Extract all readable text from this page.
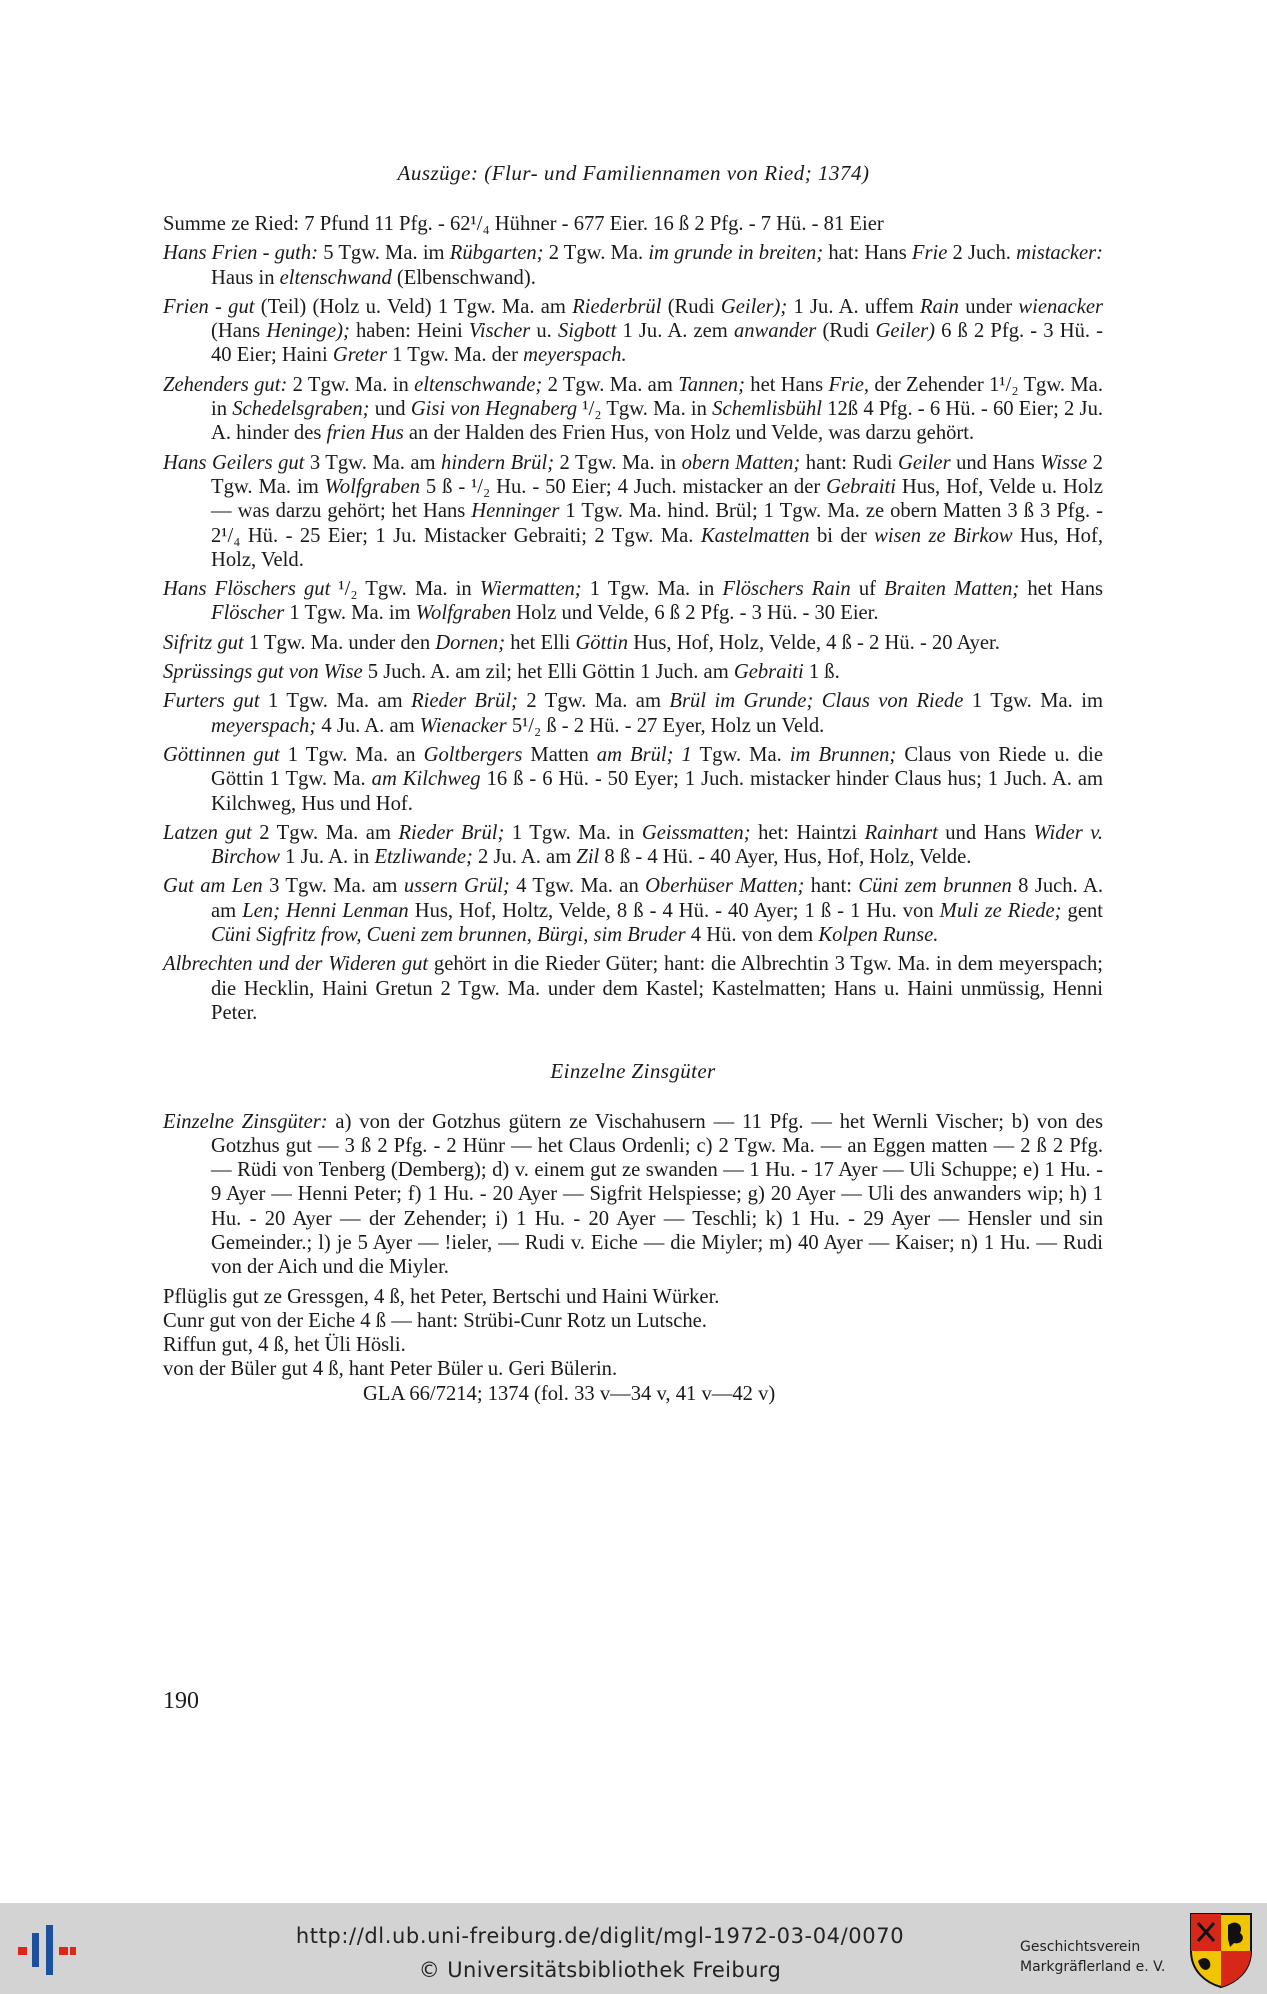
Auszüge: (Flur- und Familiennamen von Ried; 1374)

Summe ze Ried: 7 Pfund 11 Pfg. - 62¹/₄ Hühner - 677 Eier. 16 ß 2 Pfg. - 7 Hü. - 81 Eier

Hans Frien - guth: 5 Tgw. Ma. im Rübgarten; 2 Tgw. Ma. im grunde in breiten; hat: Hans Frie 2 Juch. mistacker: Haus in eltenschwand (Elbenschwand).

Frien - gut (Teil) (Holz u. Veld) 1 Tgw. Ma. am Riederbrül (Rudi Geiler); 1 Ju. A. uffem Rain under wienacker (Hans Heninge); haben: Heini Vischer u. Sigbott 1 Ju. A. zem anwander (Rudi Geiler) 6 ß 2 Pfg. - 3 Hü. - 40 Eier; Haini Greter 1 Tgw. Ma. der meyerspach.

Zehenders gut: 2 Tgw. Ma. in eltenschwande; 2 Tgw. Ma. am Tannen; het Hans Frie, der Zehender 1¹/₂ Tgw. Ma. in Schedelsgraben; und Gisi von Hegnaberg ¹/₂ Tgw. Ma. in Schemlisbühl 12ß 4 Pfg. - 6 Hü. - 60 Eier; 2 Ju. A. hinder des frien Hus an der Halden des Frien Hus, von Holz und Velde, was darzu gehört.

Hans Geilers gut 3 Tgw. Ma. am hindern Brül; 2 Tgw. Ma. in obern Matten; hant: Rudi Geiler und Hans Wisse 2 Tgw. Ma. im Wolfgraben 5 ß - ¹/₂ Hu. - 50 Eier; 4 Juch. mistacker an der Gebraiti Hus, Hof, Velde u. Holz — was darzu gehört; het Hans Henninger 1 Tgw. Ma. hind. Brül; 1 Tgw. Ma. ze obern Matten 3 ß 3 Pfg. - 2¹/₄ Hü. - 25 Eier; 1 Ju. Mistacker Gebraiti; 2 Tgw. Ma. Kastelmatten bi der wisen ze Birkow Hus, Hof, Holz, Veld.

Hans Flöschers gut ¹/₂ Tgw. Ma. in Wiermatten; 1 Tgw. Ma. in Flöschers Rain uf Braiten Matten; het Hans Flöscher 1 Tgw. Ma. im Wolfgraben Holz und Velde, 6 ß 2 Pfg. - 3 Hü. - 30 Eier.

Sifritz gut 1 Tgw. Ma. under den Dornen; het Elli Göttin Hus, Hof, Holz, Velde, 4 ß - 2 Hü. - 20 Ayer.

Sprüssings gut von Wise 5 Juch. A. am zil; het Elli Göttin 1 Juch. am Gebraiti 1 ß.

Furters gut 1 Tgw. Ma. am Rieder Brül; 2 Tgw. Ma. am Brül im Grunde; Claus von Riede 1 Tgw. Ma. im meyerspach; 4 Ju. A. am Wienacker 5¹/₂ ß - 2 Hü. - 27 Eyer, Holz un Veld.

Göttinnen gut 1 Tgw. Ma. an Goltbergers Matten am Brül; 1 Tgw. Ma. im Brunnen; Claus von Riede u. die Göttin 1 Tgw. Ma. am Kilchweg 16 ß - 6 Hü. - 50 Eyer; 1 Juch. mistacker hinder Claus hus; 1 Juch. A. am Kilchweg, Hus und Hof.

Latzen gut 2 Tgw. Ma. am Rieder Brül; 1 Tgw. Ma. in Geissmatten; het: Haintzi Rainhart und Hans Wider v. Birchow 1 Ju. A. in Etzliwande; 2 Ju. A. am Zil 8 ß - 4 Hü. - 40 Ayer, Hus, Hof, Holz, Velde.

Gut am Len 3 Tgw. Ma. am ussern Grül; 4 Tgw. Ma. an Oberhüser Matten; hant: Cüni zem brunnen 8 Juch. A. am Len; Henni Lenman Hus, Hof, Holtz, Velde, 8 ß - 4 Hü. - 40 Ayer; 1 ß - 1 Hu. von Muli ze Riede; gent Cüni Sigfritz frow, Cueni zem brunnen, Bürgi, sim Bruder 4 Hü. von dem Kolpen Runse.

Albrechten und der Wideren gut gehört in die Rieder Güter; hant: die Albrechtin 3 Tgw. Ma. in dem meyerspach; die Hecklin, Haini Gretun 2 Tgw. Ma. under dem Kastel; Kastelmatten; Hans u. Haini unmüssig, Henni Peter.

Einzelne Zinsgüter

Einzelne Zinsgüter: a) von der Gotzhus gütern ze Vischahusern — 11 Pfg. — het Wernli Vischer; b) von des Gotzhus gut — 3 ß 2 Pfg. - 2 Hünr — het Claus Ordenli; c) 2 Tgw. Ma. — an Eggen matten — 2 ß 2 Pfg. — Rüdi von Tenberg (Demberg); d) v. einem gut ze swanden — 1 Hu. - 17 Ayer — Uli Schuppe; e) 1 Hu. - 9 Ayer — Henni Peter; f) 1 Hu. - 20 Ayer — Sigfrit Helspiesse; g) 20 Ayer — Uli des anwanders wip; h) 1 Hu. - 20 Ayer — der Zehender; i) 1 Hu. - 20 Ayer — Teschli; k) 1 Hu. - 29 Ayer — Hensler und sin Gemeinder.; l) je 5 Ayer — !ieler, — Rudi v. Eiche — die Miyler; m) 40 Ayer — Kaiser; n) 1 Hu. — Rudi von der Aich und die Miyler.

Pflüglis gut ze Gressgen, 4 ß, het Peter, Bertschi und Haini Würker.

Cunr gut von der Eiche 4 ß — hant: Strübi-Cunr Rotz un Lutsche.

Riffun gut, 4 ß, het Üli Hösli.

von der Büler gut 4 ß, hant Peter Büler u. Geri Bülerin.

GLA 66/7214; 1374 (fol. 33 v—34 v, 41 v—42 v)

190
http://dl.ub.uni-freiburg.de/diglit/mgl-1972-03-04/0070
© Universitätsbibliothek Freiburg
Geschichtsverein
Markgräflerland e. V.
